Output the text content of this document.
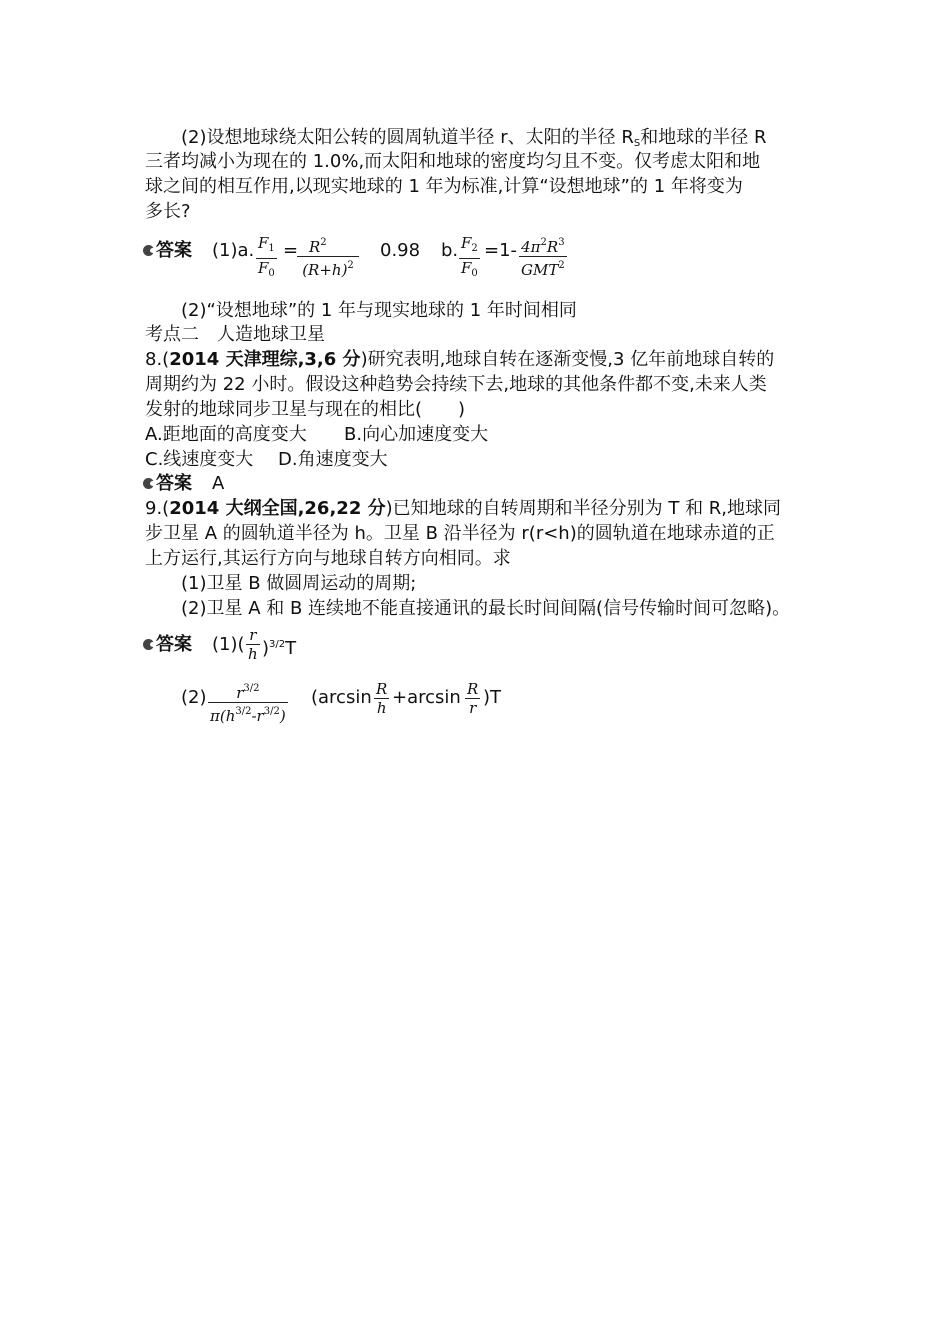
(2)设想地球绕太阳公转的圆周轨道半径 r、太阳的半径 $R_S$和地球的半径 R
三者均减小为现在的 1.0%,而太阳和地球的密度均匀且不变。仅考虑太阳和地
球之间的相互作用,以现实地球的 1 年为标准,计算“设想地球”的 1 年将变为
多长?
答案 (1)a. $\frac{F_1}{F_0}$ =
$\frac{R^2}{(R+h)^2} 0.98$ b. $\frac{F_2}{F_0} =1- \frac{4\pi^2R^3}{GMT^2}$
(2)“设想地球”的 1 年与现实地球的 1 年时间相同
考点二　人造地球卫星
8.(2014 天津理综,3,6 分)研究表明,地球自转在逐渐变慢,3 亿年前地球自转的
周期约为 22 小时。假设这种趋势会持续下去,地球的其他条件都不变,未来人类
发射的地球同步卫星与现在的相比(　　)
A.距地面的高度变大 B.向心加速度变大
C.线速度变大 D.角速度变大
答案 A
9.(2014 大纲全国,26,22 分)已知地球的自转周期和半径分别为 T 和 R,地球同
步卫星 A 的圆轨道半径为 h。卫星 B 沿半径为 r(r<h)的圆轨道在地球赤道的正
上方运行,其运行方向与地球自转方向相同。求
(1)卫星 B 做圆周运动的周期;
(2)卫星 A 和 B 连续地不能直接通讯的最长时间间隔(信号传输时间可忽略)。
答案 $(1)( \frac{r}{h} )^{3/2}T$
$(2) \frac{r^{3/2}}{\pi(h^{3/2}-r^{3/2})} (\arcsin \frac{R}{h} +\arcsin \frac{R}{r} )T$
